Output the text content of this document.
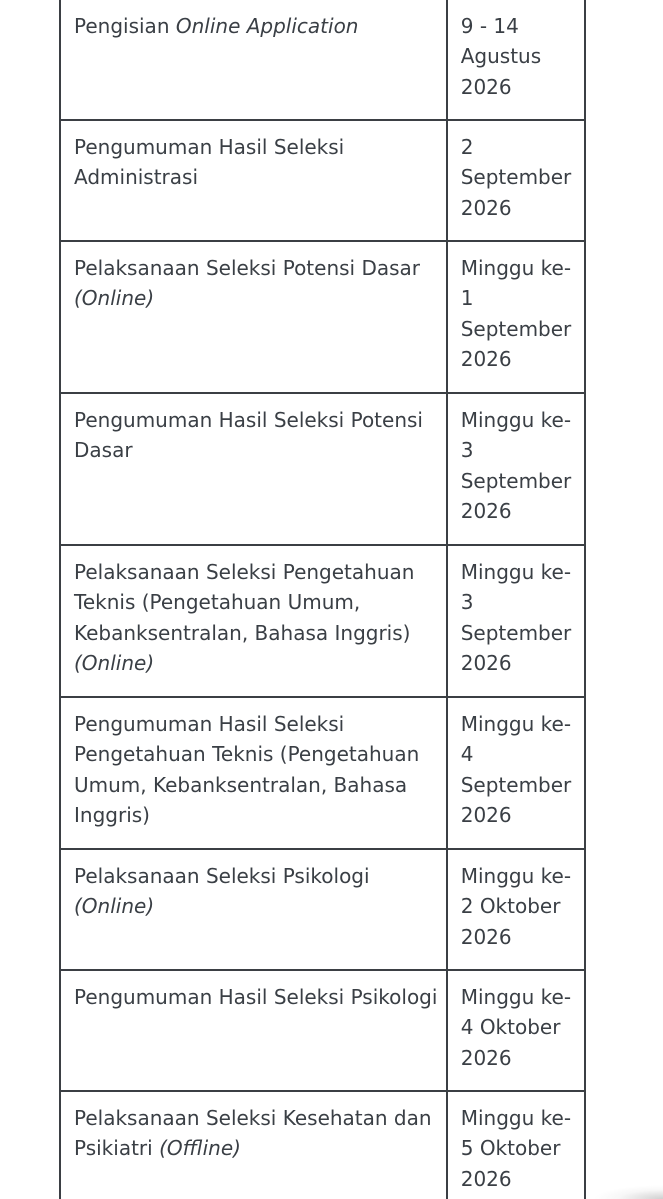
Pengisian Online Application	9 - 14 Agustus 2026
Pengumuman Hasil Seleksi Administrasi	2 September 2026
Pelaksanaan Seleksi Potensi Dasar (Online)	Minggu ke-1 September 2026
Pengumuman Hasil Seleksi Potensi Dasar	Minggu ke-3 September 2026
Pelaksanaan Seleksi Pengetahuan Teknis (Pengetahuan Umum, Kebanksentralan, Bahasa Inggris) (Online)	Minggu ke-3 September 2026
Pengumuman Hasil Seleksi Pengetahuan Teknis (Pengetahuan Umum, Kebanksentralan, Bahasa Inggris)	Minggu ke-4 September 2026
Pelaksanaan Seleksi Psikologi (Online)	Minggu ke-2 Oktober 2026
Pengumuman Hasil Seleksi Psikologi	Minggu ke-4 Oktober 2026
Pelaksanaan Seleksi Kesehatan dan Psikiatri (Offline)	Minggu ke-5 Oktober 2026
